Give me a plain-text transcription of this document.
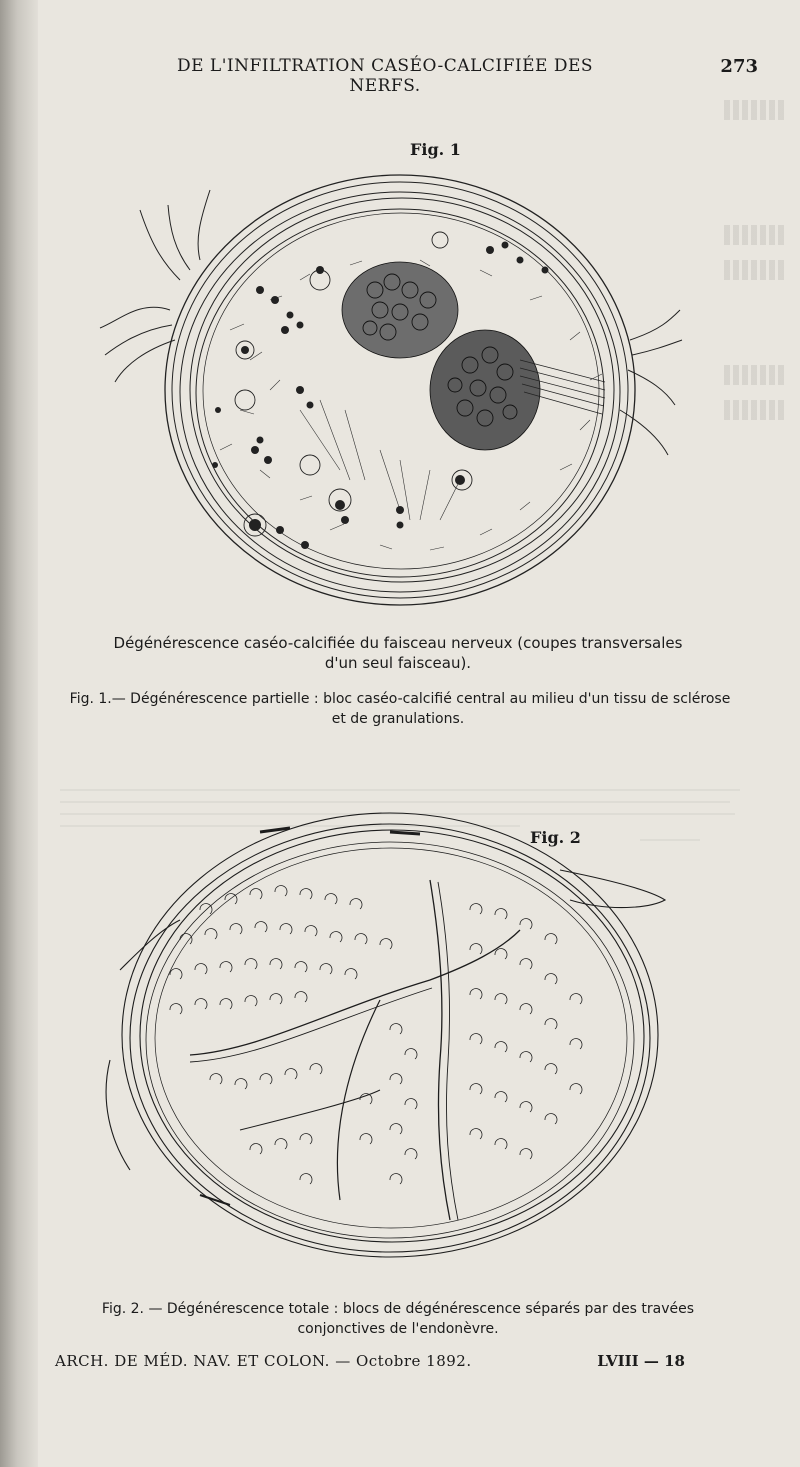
DE L'INFILTRATION CASÉO-CALCIFIÉE DES NERFS.
273
Fig. 1
Dégénérescence caséo-calcifiée du faisceau nerveux (coupes transversales
d'un seul faisceau).
Fig. 1.— Dégénérescence partielle : bloc caséo-calcifié central au milieu d'un tissu de sclérose
et de granulations.
Fig. 2
Fig. 2. — Dégénérescence totale : blocs de dégénérescence séparés par des travées
conjonctives de l'endonèvre.
ARCH. DE MÉD. NAV. ET COLON. — Octobre 1892.	LVIII — 18
